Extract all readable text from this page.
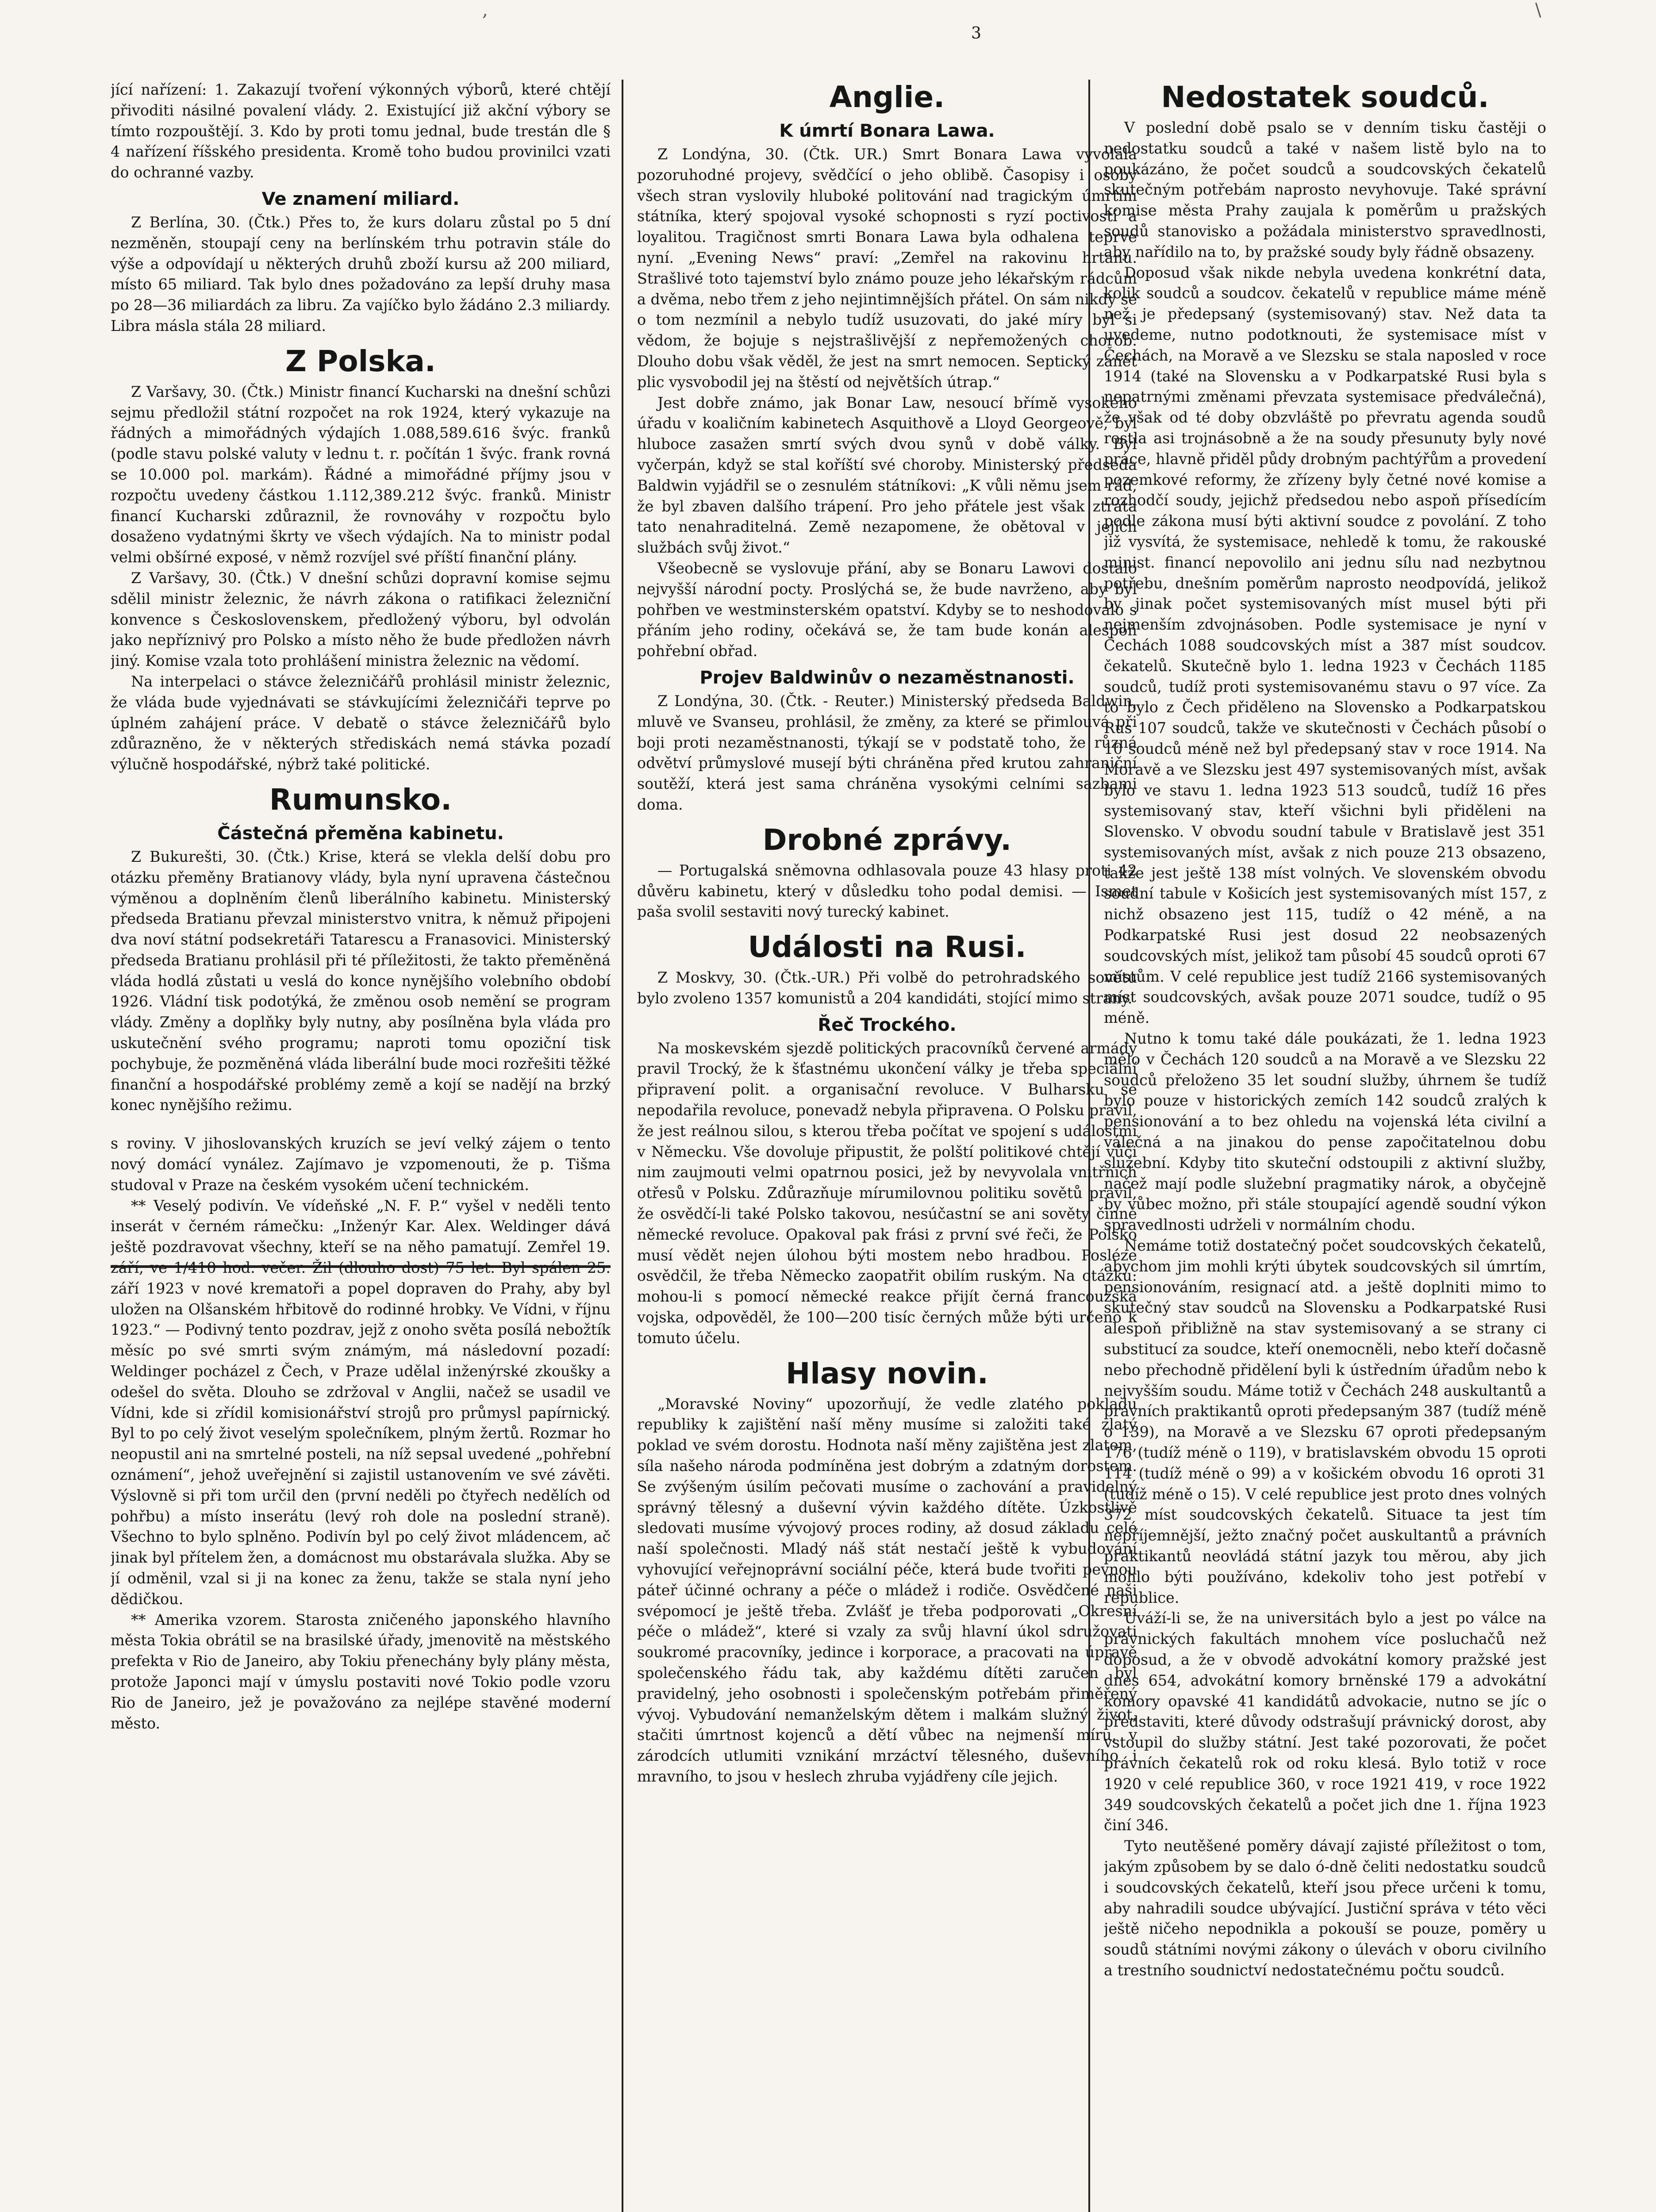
,	\
3

jící nařízení: 1. Zakazují tvoření výkonných výborů, které chtějí přivoditi násilné povalení vlády. 2. Existující již akční výbory se tímto rozpouštějí. 3. Kdo by proti tomu jednal, bude trestán dle § 4 nařízení říšského presidenta. Kromě toho budou provinilci vzati do ochranné vazby.

Ve znamení miliard.

Z Berlína, 30. (Čtk.) Přes to, že kurs dolaru zůstal po 5 dní nezměněn, stoupají ceny na berlínském trhu potravin stále do výše a odpovídají u některých druhů zboží kursu až 200 miliard, místo 65 miliard. Tak bylo dnes požadováno za lepší druhy masa po 28—36 miliardách za libru. Za vajíčko bylo žádáno 2.3 miliardy. Libra másla stála 28 miliard.

Z Polska.

Z Varšavy, 30. (Čtk.) Ministr financí Kucharski na dnešní schůzi sejmu předložil státní rozpočet na rok 1924, který vykazuje na řádných a mimořádných výdajích 1.088,589.616 švýc. franků (podle stavu polské valuty v lednu t. r. počítán 1 švýc. frank rovná se 10.000 pol. markám). Řádné a mimořádné příjmy jsou v rozpočtu uvedeny částkou 1.112,389.212 švýc. franků. Ministr financí Kucharski zdůraznil, že rovnováhy v rozpočtu bylo dosaženo vydatnými škrty ve všech výdajích. Na to ministr podal velmi obšírné exposé, v němž rozvíjel své příští finanční plány.

Z Varšavy, 30. (Čtk.) V dnešní schůzi dopravní komise sejmu sdělil ministr železnic, že návrh zákona o ratifikaci železniční konvence s Československem, předložený výboru, byl odvolán jako nepříznivý pro Polsko a místo něho že bude předložen návrh jiný. Komise vzala toto prohlášení ministra železnic na vědomí.

Na interpelaci o stávce železničářů prohlásil ministr železnic, že vláda bude vyjednávati se stávkujícími železničáři teprve po úplném zahájení práce. V debatě o stávce železničářů bylo zdůrazněno, že v některých střediskách nemá stávka pozadí výlučně hospodářské, nýbrž také politické.

Rumunsko.
Částečná přeměna kabinetu.

Z Bukurešti, 30. (Čtk.) Krise, která se vlekla delší dobu pro otázku přeměny Bratianovy vlády, byla nyní upravena částečnou výměnou a doplněním členů liberálního kabinetu. Ministerský předseda Bratianu převzal ministerstvo vnitra, k němuž připojeni dva noví státní podsekretáři Tatarescu a Franasovici. Ministerský předseda Bratianu prohlásil při té příležitosti, že takto přeměněná vláda hodlá zůstati u veslá do konce nynějšího volebního období 1926. Vládní tisk podotýká, že změnou osob nemění se program vlády. Změny a doplňky byly nutny, aby posílněna byla vláda pro uskutečnění svého programu; naproti tomu opoziční tisk pochybuje, že pozměněná vláda liberální bude moci rozřešiti těžké finanční a hospodářské problémy země a kojí se nadějí na brzký konec nynějšího režimu.

s roviny. V jihoslovanských kruzích se jeví velký zájem o tento nový domácí vynález. Zajímavo je vzpomenouti, že p. Tišma studoval v Praze na českém vysokém učení technickém.

** Veselý podivín. Ve vídeňské „N. F. P.“ vyšel v neděli tento inserát v černém rámečku: „Inženýr Kar. Alex. Weldinger dává ještě pozdravovat všechny, kteří se na něho pamatují. Zemřel 19. září, ve 1/410 hod. večer. Žil (dlouho dost) 75 let. Byl spálen 25. září 1923 v nové krematoři a popel dopraven do Prahy, aby byl uložen na Olšanském hřbitově do rodinné hrobky. Ve Vídni, v říjnu 1923.“ — Podivný tento pozdrav, jejž z onoho světa posílá nebožtík měsíc po své smrti svým známým, má následovní pozadí: Weldinger pocházel z Čech, v Praze udělal inženýrské zkoušky a odešel do světa. Dlouho se zdržoval v Anglii, načež se usadil ve Vídni, kde si zřídil komisionářství strojů pro průmysl papírnický. Byl to po celý život veselým společníkem, plným žertů. Rozmar ho neopustil ani na smrtelné posteli, na níž sepsal uvedené „pohřební oznámení“, jehož uveřejnění si zajistil ustanovením ve své závěti. Výslovně si při tom určil den (první neděli po čtyřech nedělích od pohřbu) a místo inserátu (levý roh dole na poslední straně). Všechno to bylo splněno. Podivín byl po celý život mládencem, ač jinak byl přítelem žen, a domácnost mu obstarávala služka. Aby se jí odměnil, vzal si ji na konec za ženu, takže se stala nyní jeho dědičkou.

** Amerika vzorem. Starosta zničeného japonského hlavního města Tokia obrátil se na brasilské úřady, jmenovitě na městského prefekta v Rio de Janeiro, aby Tokiu přenechány byly plány města, protože Japonci mají v úmyslu postaviti nové Tokio podle vzoru Rio de Janeiro, jež je považováno za nejlépe stavěné moderní město.

Anglie.
K úmrtí Bonara Lawa.

Z Londýna, 30. (Čtk. UR.) Smrt Bonara Lawa vyvolala pozoruhodné projevy, svědčící o jeho oblibě. Časopisy i osoby všech stran vyslovily hluboké politování nad tragickým úmrtím státníka, který spojoval vysoké schopnosti s ryzí poctivostí a loyalitou. Tragičnost smrti Bonara Lawa byla odhalena teprve nyní. „Evening News“ praví: „Zemřel na rakovinu hrtanu. Strašlivé toto tajemství bylo známo pouze jeho lékařským rádcům a dvěma, nebo třem z jeho nejintimnějších přátel. On sám nikdy se o tom nezmínil a nebylo tudíž usuzovati, do jaké míry byl si vědom, že bojuje s nejstrašlivější z nepřemožených chorob. Dlouho dobu však věděl, že jest na smrt nemocen. Septický zánět plic vysvobodil jej na štěstí od největších útrap.“

Jest dobře známo, jak Bonar Law, nesoucí břímě vysokého úřadu v koaličním kabinetech Asquithově a Lloyd Georgeově, byl hluboce zasažen smrtí svých dvou synů v době války. Byl vyčerpán, když se stal koříští své choroby. Ministerský předseda Baldwin vyjádřil se o zesnulém státníkovi: „K vůli němu jsem rád, že byl zbaven dalšího trápení. Pro jeho přátele jest však ztráta tato nenahraditelná. Země nezapomene, že obětoval v jejích službách svůj život.“

Všeobecně se vyslovuje přání, aby se Bonaru Lawovi dostalo nejvyšší národní pocty. Proslýchá se, že bude navrženo, aby byl pohřben ve westminsterském opatství. Kdyby se to neshodovalo s přáním jeho rodiny, očekává se, že tam bude konán alespoň pohřební obřad.

Projev Baldwinův o nezaměstnanosti.

Z Londýna, 30. (Čtk. - Reuter.) Ministerský předseda Baldwin, mluvě ve Svanseu, prohlásil, že změny, za které se přimlouvá při boji proti nezaměstnanosti, týkají se v podstatě toho, že různá odvětví průmyslové musejí býti chráněna před krutou zahraniční soutěží, která jest sama chráněna vysokými celními sazbami doma.

Drobné zprávy.

— Portugalská sněmovna odhlasovala pouze 43 hlasy proti 42 důvěru kabinetu, který v důsledku toho podal demisi. — Ismet paša svolil sestaviti nový turecký kabinet.

Události na Rusi.

Z Moskvy, 30. (Čtk.-UR.) Při volbě do petrohradského sovětu bylo zvoleno 1357 komunistů a 204 kandidáti, stojící mimo strany.

Řeč Trockého.

Na moskevském sjezdě politických pracovníků červené armády pravil Trocký, že k šťastnému ukončení války je třeba speciální připravení polit. a organisační revoluce. V Bulharsku se nepodařila revoluce, ponevadž nebyla připravena. O Polsku pravil, že jest reálnou silou, s kterou třeba počítat ve spojení s událostmi v Německu. Vše dovoluje připustit, že polští politikové chtějí vůči nim zaujmouti velmi opatrnou posici, jež by nevyvolala vnitřních otřesů v Polsku. Zdůrazňuje mírumilovnou politiku sovětů pravil, že osvědčí-li také Polsko takovou, nesúčastní se ani sověty činně německé revoluce. Opakoval pak frási z první své řeči, že Polsko musí vědět nejen úlohou býti mostem nebo hradbou. Posléze osvědčil, že třeba Německo zaopatřit obilím ruským. Na otázku: mohou-li s pomocí německé reakce přijít černá francouzská vojska, odpověděl, že 100—200 tisíc černých může býti určeno k tomuto účelu.

Hlasy novin.

„Moravské Noviny“ upozorňují, že vedle zlatého pokladu republiky k zajištění naší měny musíme si založiti také zlatý poklad ve svém dorostu. Hodnota naší měny zajištěna jest zlatem, síla našeho národa podmíněna jest dobrým a zdatným dorostem. Se zvýšeným úsilím pečovati musíme o zachování a pravidelný správný tělesný a duševní vývin každého dítěte. Úzkostlivě sledovati musíme vývojový proces rodiny, až dosud základu celé naší společnosti. Mladý náš stát nestačí ještě k vybudování vyhovující veřejnoprávní sociální péče, která bude tvořiti pevnou páteř účinné ochrany a péče o mládež i rodiče. Osvědčené naši svépomocí je ještě třeba. Zvlášť je třeba podporovati „Okresní péče o mládež“, které si vzaly za svůj hlavní úkol sdružovati soukromé pracovníky, jedince i korporace, a pracovati na úpravě společenského řádu tak, aby každému dítěti zaručen byl pravidelný, jeho osobnosti i společenským potřebám přiměřený vývoj. Vybudování nemanželským dětem i malkám služný život, stačiti úmrtnost kojenců a dětí vůbec na nejmenší míru, v zárodcích utlumiti vznikání mrzáctví tělesného, duševního i mravního, to jsou v heslech zhruba vyjádřeny cíle jejich.

Nedostatek soudců.

V poslední době psalo se v denním tisku častěji o nedostatku soudců a také v našem listě bylo na to poukázáno, že počet soudců a soudcovských čekatelů skutečným potřebám naprosto nevyhovuje. Také správní komise města Prahy zaujala k poměrům u pražských soudů stanovisko a požádala ministerstvo spravedlnosti, aby nařídilo na to, by pražské soudy byly řádně obsazeny.

Doposud však nikde nebyla uvedena konkrétní data, kolik soudců a soudcov. čekatelů v republice máme méně než je předepsaný (systemisovaný) stav. Než data ta uvedeme, nutno podotknouti, že systemisace míst v Čechách, na Moravě a ve Slezsku se stala naposled v roce 1914 (také na Slovensku a v Podkarpatské Rusi byla s nepatrnými změnami převzata systemisace předválečná), že však od té doby obzvláště po převratu agenda soudů rostla asi trojnásobně a že na soudy přesunuty byly nové práce, hlavně přiděl půdy drobným pachtýřům a provedení pozemkové reformy, že zřízeny byly četné nové komise a rozhodčí soudy, jejichž předsedou nebo aspoň přísedícím podle zákona musí býti aktivní soudce z povolání. Z toho již vysvítá, že systemisace, nehledě k tomu, že rakouské minist. financí nepovolilo ani jednu sílu nad nezbytnou potřebu, dnešním poměrům naprosto neodpovídá, jelikož by jinak počet systemisovaných míst musel býti při nejmenším zdvojnásoben. Podle systemisace je nyní v Čechách 1088 soudcovských míst a 387 míst soudcov. čekatelů. Skutečně bylo 1. ledna 1923 v Čechách 1185 soudců, tudíž proti systemisovanému stavu o 97 více. Za to bylo z Čech přiděleno na Slovensko a Podkarpatskou Rus 107 soudců, takže ve skutečnosti v Čechách působí o 10 soudců méně než byl předepsaný stav v roce 1914. Na Moravě a ve Slezsku jest 497 systemisovaných míst, avšak bylo ve stavu 1. ledna 1923 513 soudců, tudíž 16 přes systemisovaný stav, kteří všichni byli přiděleni na Slovensko. V obvodu soudní tabule v Bratislavě jest 351 systemisovaných míst, avšak z nich pouze 213 obsazeno, takže jest ještě 138 míst volných. Ve slovenském obvodu soudní tabule v Košicích jest systemisovaných míst 157, z nichž obsazeno jest 115, tudíž o 42 méně, a na Podkarpatské Rusi jest dosud 22 neobsazených soudcovských míst, jelikož tam působí 45 soudců oproti 67 místům. V celé republice jest tudíž 2166 systemisovaných míst soudcovských, avšak pouze 2071 soudce, tudíž o 95 méně.

Nutno k tomu také dále poukázati, že 1. ledna 1923 mělo v Čechách 120 soudců a na Moravě a ve Slezsku 22 soudců přeloženo 35 let soudní služby, úhrnem še tudíž bylo pouze v historických zemích 142 soudců zralých k pensionování a to bez ohledu na vojenská léta civilní a válečná a na jinakou do pense započitatelnou dobu služební. Kdyby tito skuteční odstoupili z aktivní služby, načež mají podle služební pragmatiky nárok, a obyčejně by vůbec možno, při stále stoupající agendě soudní výkon spravedlnosti udrželi v normálním chodu.

Nemáme totiž dostatečný počet soudcovských čekatelů, abychom jim mohli krýti úbytek soudcovských sil úmrtím, pensionováním, resignací atd. a ještě doplniti mimo to skutečný stav soudců na Slovensku a Podkarpatské Rusi alespoň přibližně na stav systemisovaný a se strany ci substitucí za soudce, kteří onemocněli, nebo kteří dočasně nebo přechodně přidělení byli k ústředním úřadům nebo k nejvyšším soudu. Máme totiž v Čechách 248 auskultantů a právních praktikantů oproti předepsaným 387 (tudíž méně o 139), na Moravě a ve Slezsku 67 oproti předepsaným 176 (tudíž méně o 119), v bratislavském obvodu 15 oproti 114 (tudíž méně o 99) a v košickém obvodu 16 oproti 31 (tudíž méně o 15). V celé republice jest proto dnes volných 372 míst soudcovských čekatelů. Situace ta jest tím nepříjemnější, ježto značný počet auskultantů a právních praktikantů neovládá státní jazyk tou měrou, aby jich mohlo býti používáno, kdekoliv toho jest potřebí v republice.

Uváží-li se, že na universitách bylo a jest po válce na právnických fakultách mnohem více posluchačů než doposud, a že v obvodě advokátní komory pražské jest dnes 654, advokátní komory brněnské 179 a advokátní komory opavské 41 kandidátů advokacie, nutno se jíc o představiti, které důvody odstrašují právnický dorost, aby vstoupil do služby státní. Jest také pozorovati, že počet právních čekatelů rok od roku klesá. Bylo totiž v roce 1920 v celé republice 360, v roce 1921 419, v roce 1922 349 soudcovských čekatelů a počet jich dne 1. října 1923 činí 346.

Tyto neutěšené poměry dávají zajisté příležitost o tom, jakým způsobem by se dalo ó-dně čeliti nedostatku soudců i soudcovských čekatelů, kteří jsou přece určeni k tomu, aby nahradili soudce ubývající. Justiční správa v této věci ještě ničeho nepodnikla a pokouší se pouze, poměry u soudů státními novými zákony o úlevách v oboru civilního a trestního soudnictví nedostatečnému počtu soudců.
